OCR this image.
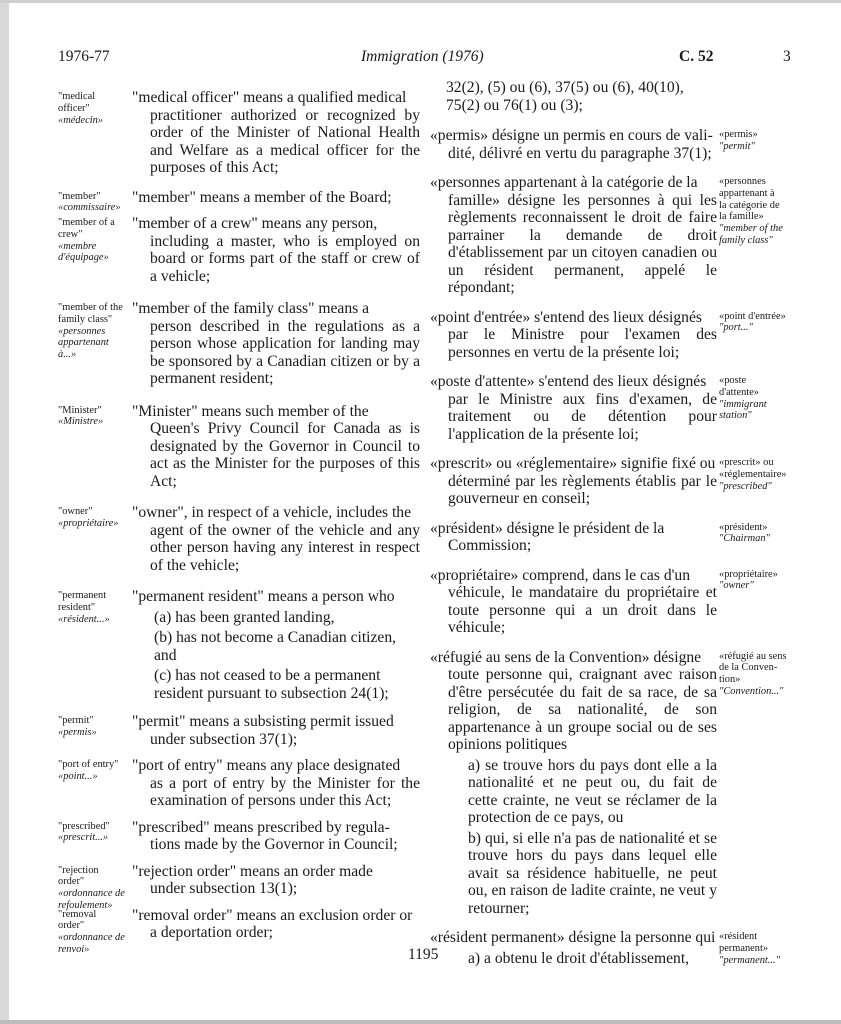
1976-77	Immigration (1976)	C. 52	3
"medical
officer"
«médecin»
"medical officer" means a qualified medical
practitioner authorized or recognized by order of the Minister of National Health and Welfare as a medical officer for the purposes of this Act;
"member"
«commissaire»
"member" means a member of the Board;
"member of a
crew"
«membre
d'équipage»
"member of a crew" means any person,
including a master, who is employed on board or forms part of the staff or crew of a vehicle;
"member of the
family class"
«personnes
appartenant
à...»
"member of the family class" means a
person described in the regulations as a person whose application for landing may be sponsored by a Canadian citizen or by a permanent resident;
"Minister"
«Ministre»
"Minister" means such member of the
Queen's Privy Council for Canada as is designated by the Governor in Council to act as the Minister for the purposes of this Act;
"owner"
«propriétaire»
"owner", in respect of a vehicle, includes the
agent of the owner of the vehicle and any other person having any interest in respect of the vehicle;
"permanent
resident"
«résident...»
"permanent resident" means a person who
(a) has been granted landing,
(b) has not become a Canadian citizen, and
(c) has not ceased to be a permanent resident pursuant to subsection 24(1);
"permit"
«permis»
"permit" means a subsisting permit issued
under subsection 37(1);
"port of entry"
«point...»
"port of entry" means any place designated
as a port of entry by the Minister for the examination of persons under this Act;
"prescribed"
«prescrit...»
"prescribed" means prescribed by regula-
tions made by the Governor in Council;
"rejection
order"
«ordonnance de
refoulement»
"rejection order" means an order made
under subsection 13(1);
"removal
order"
«ordonnance de
renvoi»
"removal order" means an exclusion order or
a deportation order;
32(2), (5) ou (6), 37(5) ou (6), 40(10), 75(2) ou 76(1) ou (3);
«permis»
"permit"
«permis» désigne un permis en cours de vali-
dité, délivré en vertu du paragraphe 37(1);
«personnes
appartenant à
la catégorie de
la famille»
"member of the
family class"
«personnes appartenant à la catégorie de la
famille» désigne les personnes à qui les règlements reconnaissent le droit de faire parrainer la demande de droit d'établissement par un citoyen canadien ou un résident permanent, appelé le répondant;
«point d'entrée»
"port..."
«point d'entrée» s'entend des lieux désignés
par le Ministre pour l'examen des personnes en vertu de la présente loi;
«poste
d'attente»
"immigrant
station"
«poste d'attente» s'entend des lieux désignés
par le Ministre aux fins d'examen, de traitement ou de détention pour l'application de la présente loi;
«prescrit» ou
«réglementaire»
"prescribed"
«prescrit» ou «réglementaire» signifie fixé ou
déterminé par les règlements établis par le gouverneur en conseil;
«président»
"Chairman"
«président» désigne le président de la
Commission;
«propriétaire»
"owner"
«propriétaire» comprend, dans le cas d'un
véhicule, le mandataire du propriétaire et toute personne qui a un droit dans le véhicule;
«réfugié au sens
de la Conven-
tion»
"Convention..."
«réfugié au sens de la Convention» désigne
toute personne qui, craignant avec raison d'être persécutée du fait de sa race, de sa religion, de sa nationalité, de son appartenance à un groupe social ou de ses opinions politiques
a) se trouve hors du pays dont elle a la nationalité et ne peut ou, du fait de cette crainte, ne veut se réclamer de la protection de ce pays, ou
b) qui, si elle n'a pas de nationalité et se trouve hors du pays dans lequel elle avait sa résidence habituelle, ne peut ou, en raison de ladite crainte, ne veut y retourner;
«résident
permanent»
"permanent..."
«résident permanent» désigne la personne qui
a) a obtenu le droit d'établissement,
1195
